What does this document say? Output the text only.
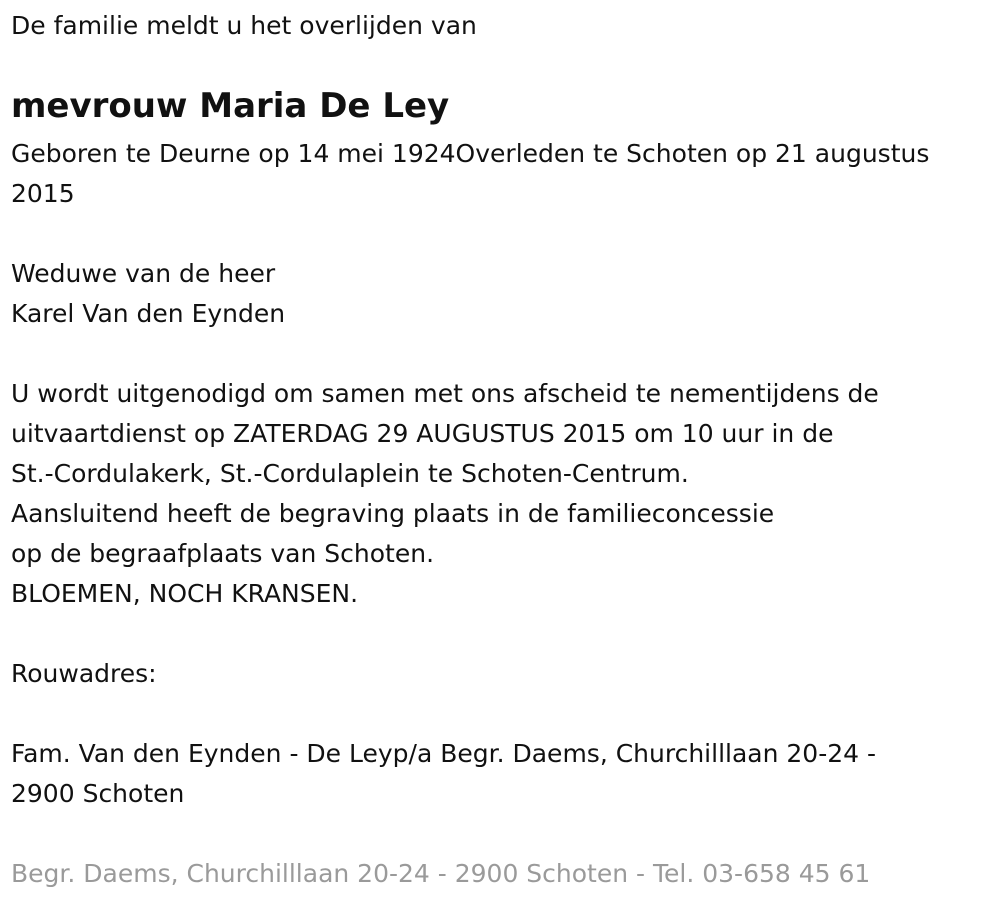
De familie meldt u het overlijden van
mevrouw Maria De Ley
Geboren te Deurne op 14 mei 1924Overleden te Schoten op 21 augustus
2015
Weduwe van de heer
Karel Van den Eynden
U wordt uitgenodigd om samen met ons afscheid te nementijdens de
uitvaartdienst op ZATERDAG 29 AUGUSTUS 2015 om 10 uur in de
St.-Cordulakerk, St.-Cordulaplein te Schoten-Centrum.
Aansluitend heeft de begraving plaats in de familieconcessie
op de begraafplaats van Schoten.
BLOEMEN, NOCH KRANSEN.
Rouwadres:
Fam. Van den Eynden - De Leyp/a Begr. Daems, Churchilllaan 20-24 -
2900 Schoten
Begr. Daems, Churchilllaan 20-24 - 2900 Schoten - Tel. 03-658 45 61
